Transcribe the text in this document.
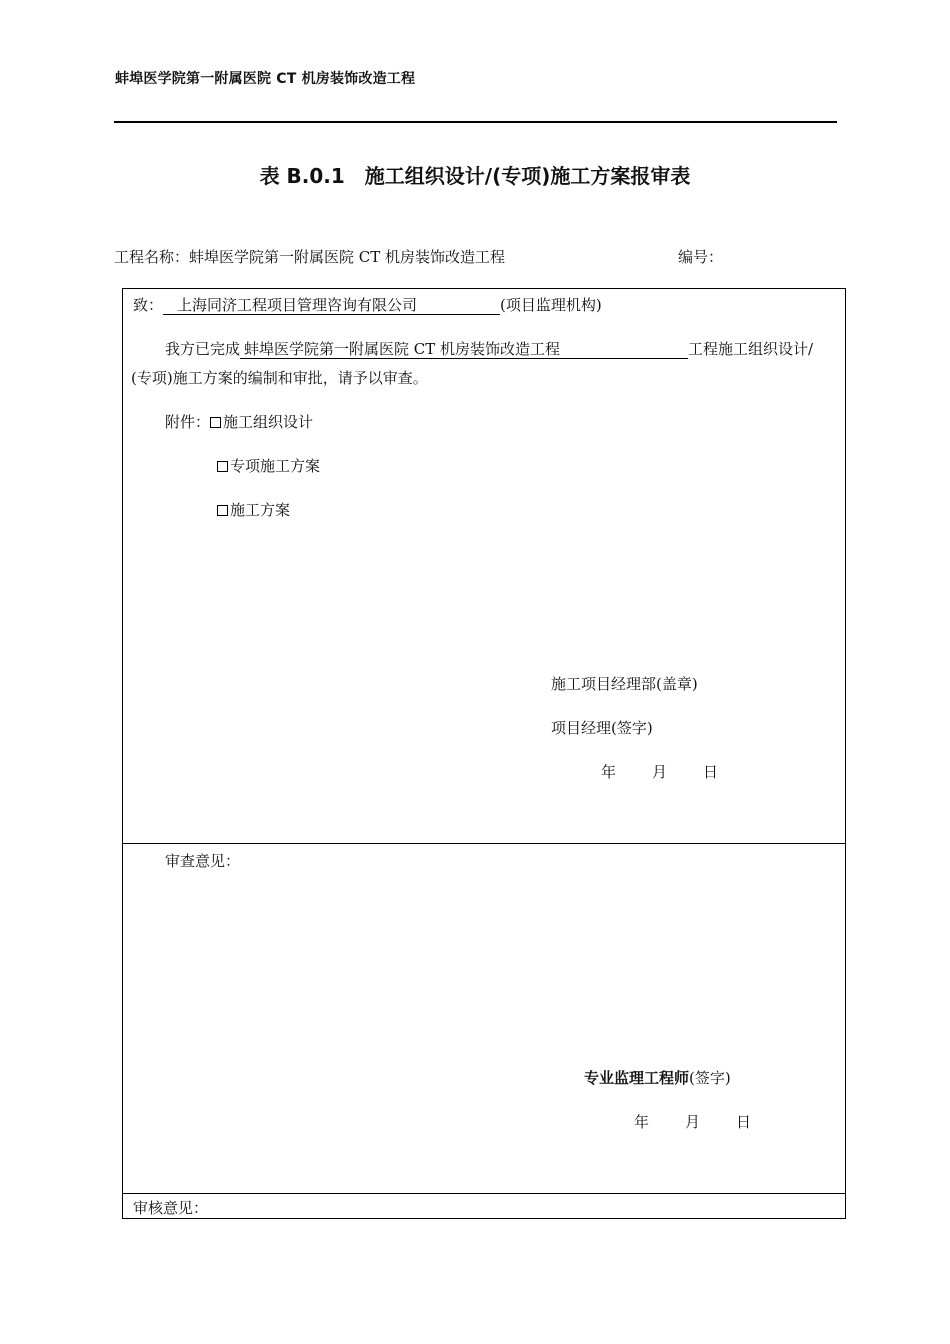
蚌埠医学院第一附属医院 CT 机房装饰改造工程
表 B.0.1　施工组织设计/(专项)施工方案报审表
工程名称：蚌埠医学院第一附属医院 CT 机房装饰改造工程	编号：
致： 上海同济工程项目管理咨询有限公司	(项目监理机构)
我方已完成 蚌埠医学院第一附属医院 CT 机房装饰改造工程	工程施工组织设计/
(专项)施工方案的编制和审批，请予以审查。
附件： 施工组织设计
专项施工方案
施工方案
施工项目经理部(盖章)
项目经理(签字)
年 月 日
审查意见：
专业监理工程师(签字)
年 月 日
审核意见：
